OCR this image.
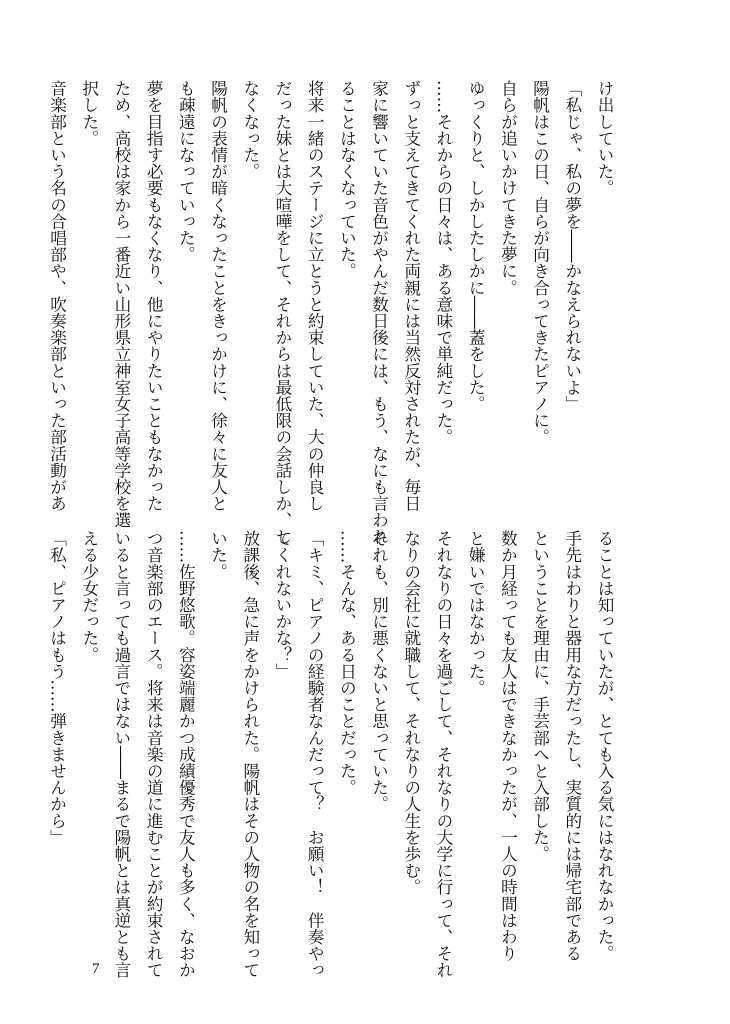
け出していた。
「私じゃ、私の夢を――かなえられないよ」
陽帆はこの日、自らが向き合ってきたピアノに。
自らが追いかけてきた夢に。
ゆっくりと、しかしたしかに――蓋をした。
……それからの日々は、ある意味で単純だった。
ずっと支えてきてくれた両親には当然反対されたが、毎日
家に響いていた音色がやんだ数日後には、もう、なにも言われ
ることはなくなっていた。
将来一緒のステージに立とうと約束していた、大の仲良し
だった妹とは大喧嘩をして、それからは最低限の会話しか、し
なくなった。
陽帆の表情が暗くなったことをきっかけに、徐々に友人と
も疎遠になっていった。
夢を目指す必要もなくなり、他にやりたいこともなかった
ため、高校は家から一番近い山形県立神室女子高等学校を選
択した。
音楽部という名の合唱部や、吹奏楽部といった部活動があ
ることは知っていたが、とても入る気にはなれなかった。
手先はわりと器用な方だったし、実質的には帰宅部である
ということを理由に、手芸部へと入部した。
数か月経っても友人はできなかったが、一人の時間はわり
と嫌いではなかった。
それなりの日々を過ごして、それなりの大学に行って、それ
なりの会社に就職して、それなりの人生を歩む。
それも、別に悪くないと思っていた。
……そんな、ある日のことだった。
「キミ、ピアノの経験者なんだって？　お願い！　伴奏やっ
てくれないかな？」
放課後、急に声をかけられた。陽帆はその人物の名を知って
いた。
……佐野悠歌。容姿端麗かつ成績優秀で友人も多く、なおか
つ音楽部のエース。将来は音楽の道に進むことが約束されて
いると言っても過言ではない――まるで陽帆とは真逆とも言
える少女だった。
「私、ピアノはもう……弾きませんから」
7
